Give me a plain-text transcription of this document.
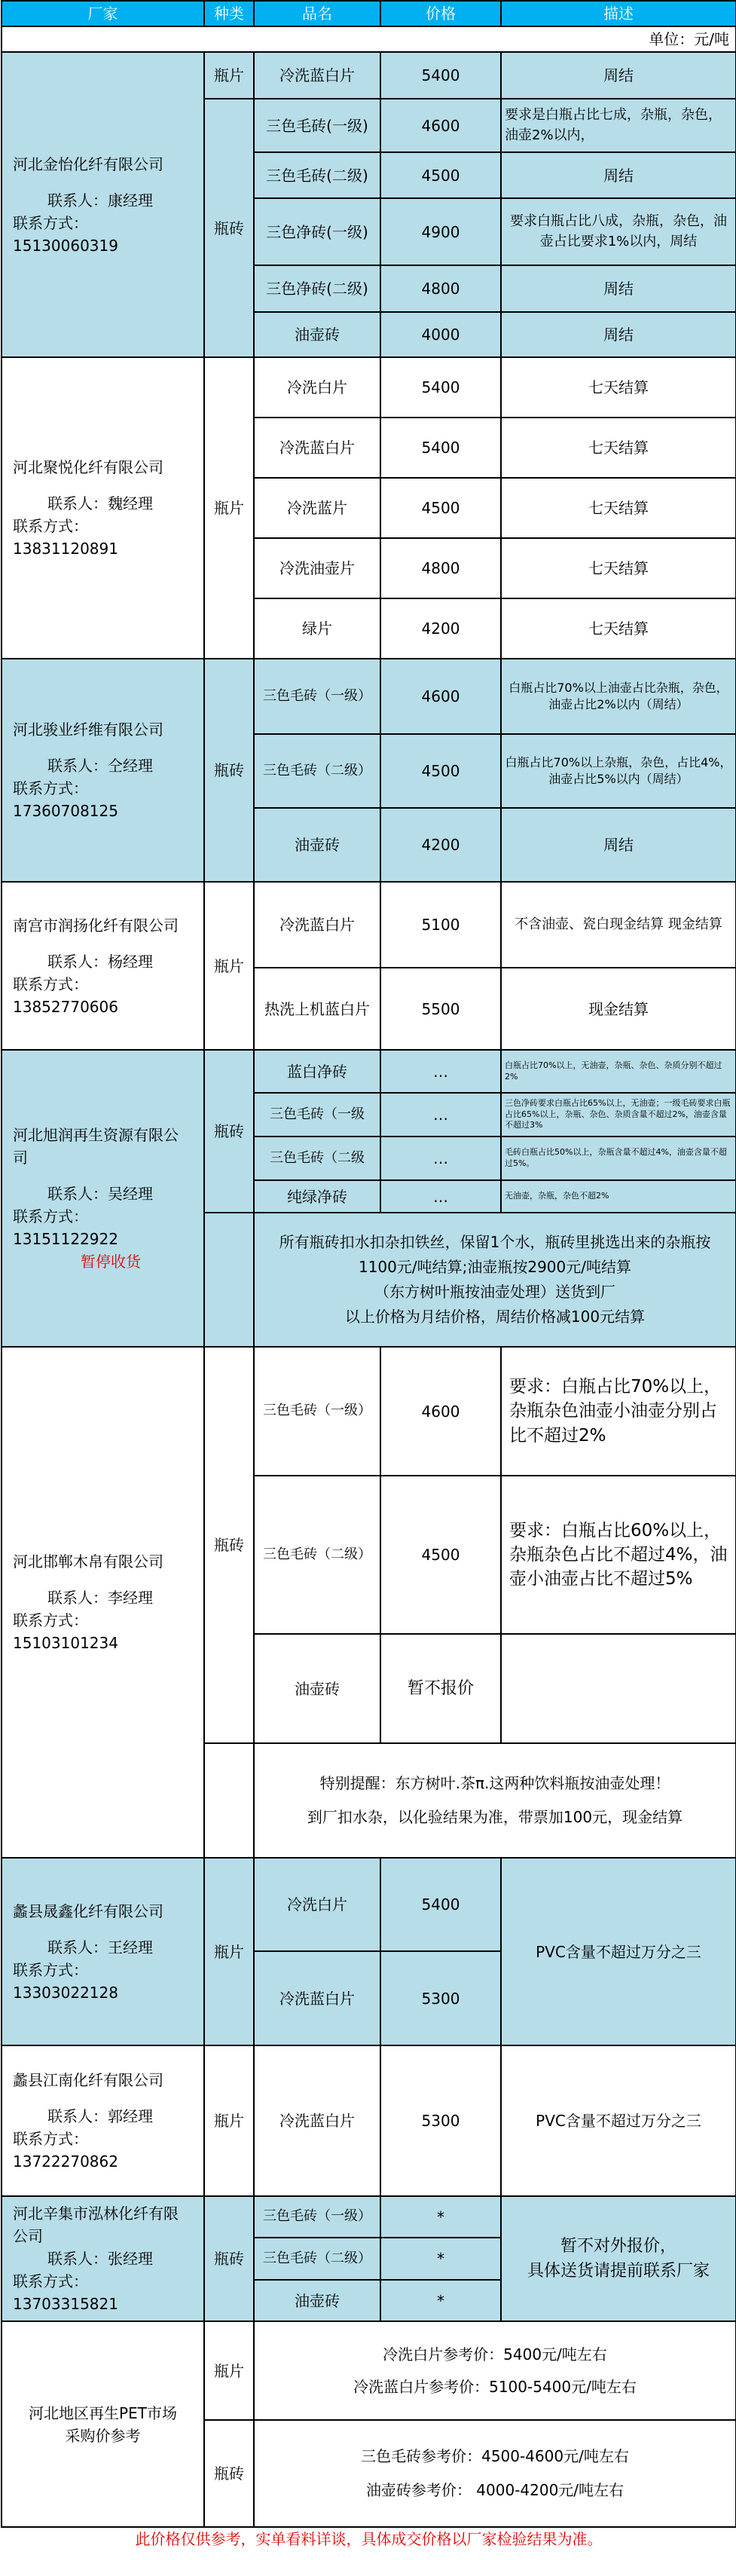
厂家	种类	品名	价格	描述
单位：元/吨				

河北金怡化纤有限公司
联系人：康经理
联系方式：15130060319	瓶片	冷洗蓝白片	5400	周结
	瓶砖	三色毛砖(一级)	4600	要求是白瓶占比七成，杂瓶，杂色，油壶2%以内，
		三色毛砖(二级)	4500	周结
		三色净砖(一级)	4900	要求白瓶占比八成，杂瓶，杂色，油壶占比要求1%以内，周结
		三色净砖(二级)	4800	周结
		油壶砖	4000	周结

河北聚悦化纤有限公司
联系人：魏经理
联系方式：13831120891	瓶片	冷洗白片	5400	七天结算
		冷洗蓝白片	5400	七天结算
		冷洗蓝片	4500	七天结算
		冷洗油壶片	4800	七天结算
		绿片	4200	七天结算

河北骏业纤维有限公司
联系人：仝经理
联系方式：17360708125	瓶砖	三色毛砖（一级）	4600	白瓶占比70%以上油壶占比杂瓶，杂色，油壶占比2%以内（周结）
		三色毛砖（二级）	4500	白瓶占比70%以上杂瓶，杂色，占比4%，油壶占比5%以内（周结）
		油壶砖	4200	周结

南宫市润扬化纤有限公司
联系人：杨经理
联系方式：13852770606	瓶片	冷洗蓝白片	5100	不含油壶、瓷白现金结算 现金结算
		热洗上机蓝白片	5500	现金结算

河北旭润再生资源有限公司
联系人：吴经理
联系方式：13151122922
暂停收货	瓶砖	蓝白净砖	…	白瓶占比70%以上，无油壶，杂瓶、杂色、杂质分别不超过2%
		三色毛砖（一级	…	三色净砖要求白瓶占比65%以上，无油壶；一级毛砖要求白瓶占比65%以上，杂瓶、杂色、杂质含量不超过2%，油壶含量不超过3%
		三色毛砖（二级	…	毛砖白瓶占比50%以上，杂瓶含量不超过4%，油壶含量不超过5%。
		纯绿净砖	…	无油壶，杂瓶，杂色不超2%

		所有瓶砖扣水扣杂扣铁丝，保留1个水，瓶砖里挑选出来的杂瓶按
1100元/吨结算;油壶瓶按2900元/吨结算
（东方树叶瓶按油壶处理）送货到厂
以上价格为月结价格，周结价格减100元结算		

河北邯郸木帛有限公司
联系人：李经理
联系方式：15103101234	瓶砖	三色毛砖（一级）	4600	要求：白瓶占比70%以上，杂瓶杂色油壶小油壶分别占比不超过2%
		三色毛砖（二级）	4500	要求：白瓶占比60%以上，杂瓶杂色占比不超过4%，油壶小油壶占比不超过5%
		油壶砖	暂不报价	

		特别提醒：东方树叶.茶π.这两种饮料瓶按油壶处理！
到厂扣水杂，以化验结果为准，带票加100元，现金结算		

蠡县晟鑫化纤有限公司
联系人：王经理
联系方式：13303022128	瓶片	冷洗白片	5400	PVC含量不超过万分之三
		冷洗蓝白片	5300	

蠡县江南化纤有限公司
联系人：郭经理
联系方式：13722270862	瓶片	冷洗蓝白片	5300	PVC含量不超过万分之三

河北辛集市泓林化纤有限公司
联系人：张经理
联系方式：13703315821	瓶砖	三色毛砖（一级）	*	暂不对外报价，
具体送货请提前联系厂家

		三色毛砖（二级）	*	
		油壶砖	*	

河北地区再生PET市场
采购价参考	瓶片	冷洗白片参考价：5400元/吨左右
冷洗蓝白片参考价：5100-5400元/吨左右		

	瓶砖	三色毛砖参考价：4500-4600元/吨左右
油壶砖参考价： 4000-4200元/吨左右		

此价格仅供参考，实单看料详谈，具体成交价格以厂家检验结果为准。				
